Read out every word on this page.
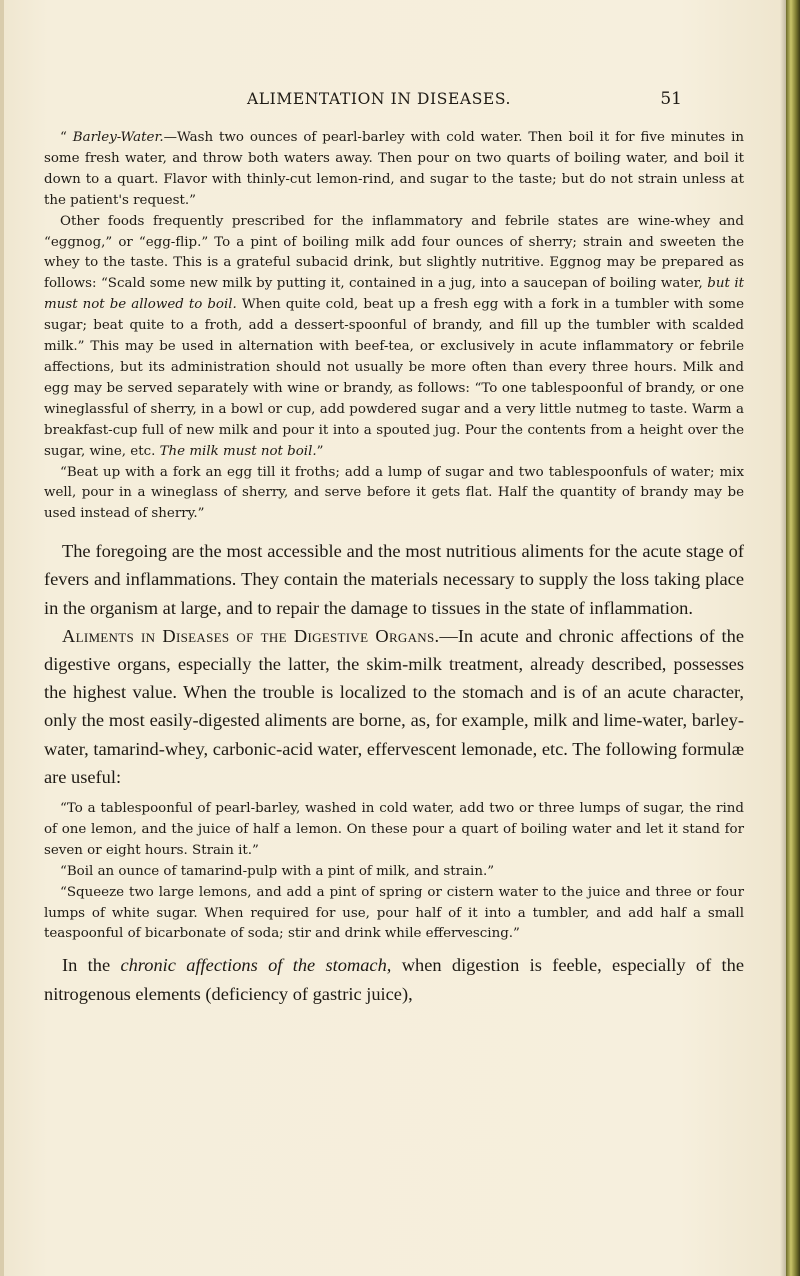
ALIMENTATION IN DISEASES.	51

“ Barley-Water.—Wash two ounces of pearl-barley with cold water. Then boil it for five minutes in some fresh water, and throw both waters away. Then pour on two quarts of boiling water, and boil it down to a quart. Flavor with thinly-cut lemon-rind, and sugar to the taste; but do not strain unless at the patient's request.”

Other foods frequently prescribed for the inflammatory and febrile states are wine-whey and “eggnog,” or “egg-flip.” To a pint of boiling milk add four ounces of sherry; strain and sweeten the whey to the taste. This is a grateful subacid drink, but slightly nutritive. Eggnog may be prepared as follows: “Scald some new milk by putting it, contained in a jug, into a saucepan of boiling water, but it must not be allowed to boil. When quite cold, beat up a fresh egg with a fork in a tumbler with some sugar; beat quite to a froth, add a dessert-spoonful of brandy, and fill up the tumbler with scalded milk.” This may be used in alternation with beef-tea, or exclusively in acute inflammatory or febrile affections, but its administration should not usually be more often than every three hours. Milk and egg may be served separately with wine or brandy, as follows: “To one tablespoonful of brandy, or one wineglassful of sherry, in a bowl or cup, add powdered sugar and a very little nutmeg to taste. Warm a breakfast-cup full of new milk and pour it into a spouted jug. Pour the contents from a height over the sugar, wine, etc. The milk must not boil.”

“Beat up with a fork an egg till it froths; add a lump of sugar and two tablespoonfuls of water; mix well, pour in a wineglass of sherry, and serve before it gets flat. Half the quantity of brandy may be used instead of sherry.”

The foregoing are the most accessible and the most nutritious aliments for the acute stage of fevers and inflammations. They contain the materials necessary to supply the loss taking place in the organism at large, and to repair the damage to tissues in the state of inflammation.

Aliments in Diseases of the Digestive Organs.—In acute and chronic affections of the digestive organs, especially the latter, the skim-milk treatment, already described, possesses the highest value. When the trouble is localized to the stomach and is of an acute character, only the most easily-digested aliments are borne, as, for example, milk and lime-water, barley-water, tamarind-whey, carbonic-acid water, effervescent lemonade, etc. The following formulæ are useful:

“To a tablespoonful of pearl-barley, washed in cold water, add two or three lumps of sugar, the rind of one lemon, and the juice of half a lemon. On these pour a quart of boiling water and let it stand for seven or eight hours. Strain it.”

“Boil an ounce of tamarind-pulp with a pint of milk, and strain.”

“Squeeze two large lemons, and add a pint of spring or cistern water to the juice and three or four lumps of white sugar. When required for use, pour half of it into a tumbler, and add half a small teaspoonful of bicarbonate of soda; stir and drink while effervescing.”

In the chronic affections of the stomach, when digestion is feeble, especially of the nitrogenous elements (deficiency of gastric juice),
